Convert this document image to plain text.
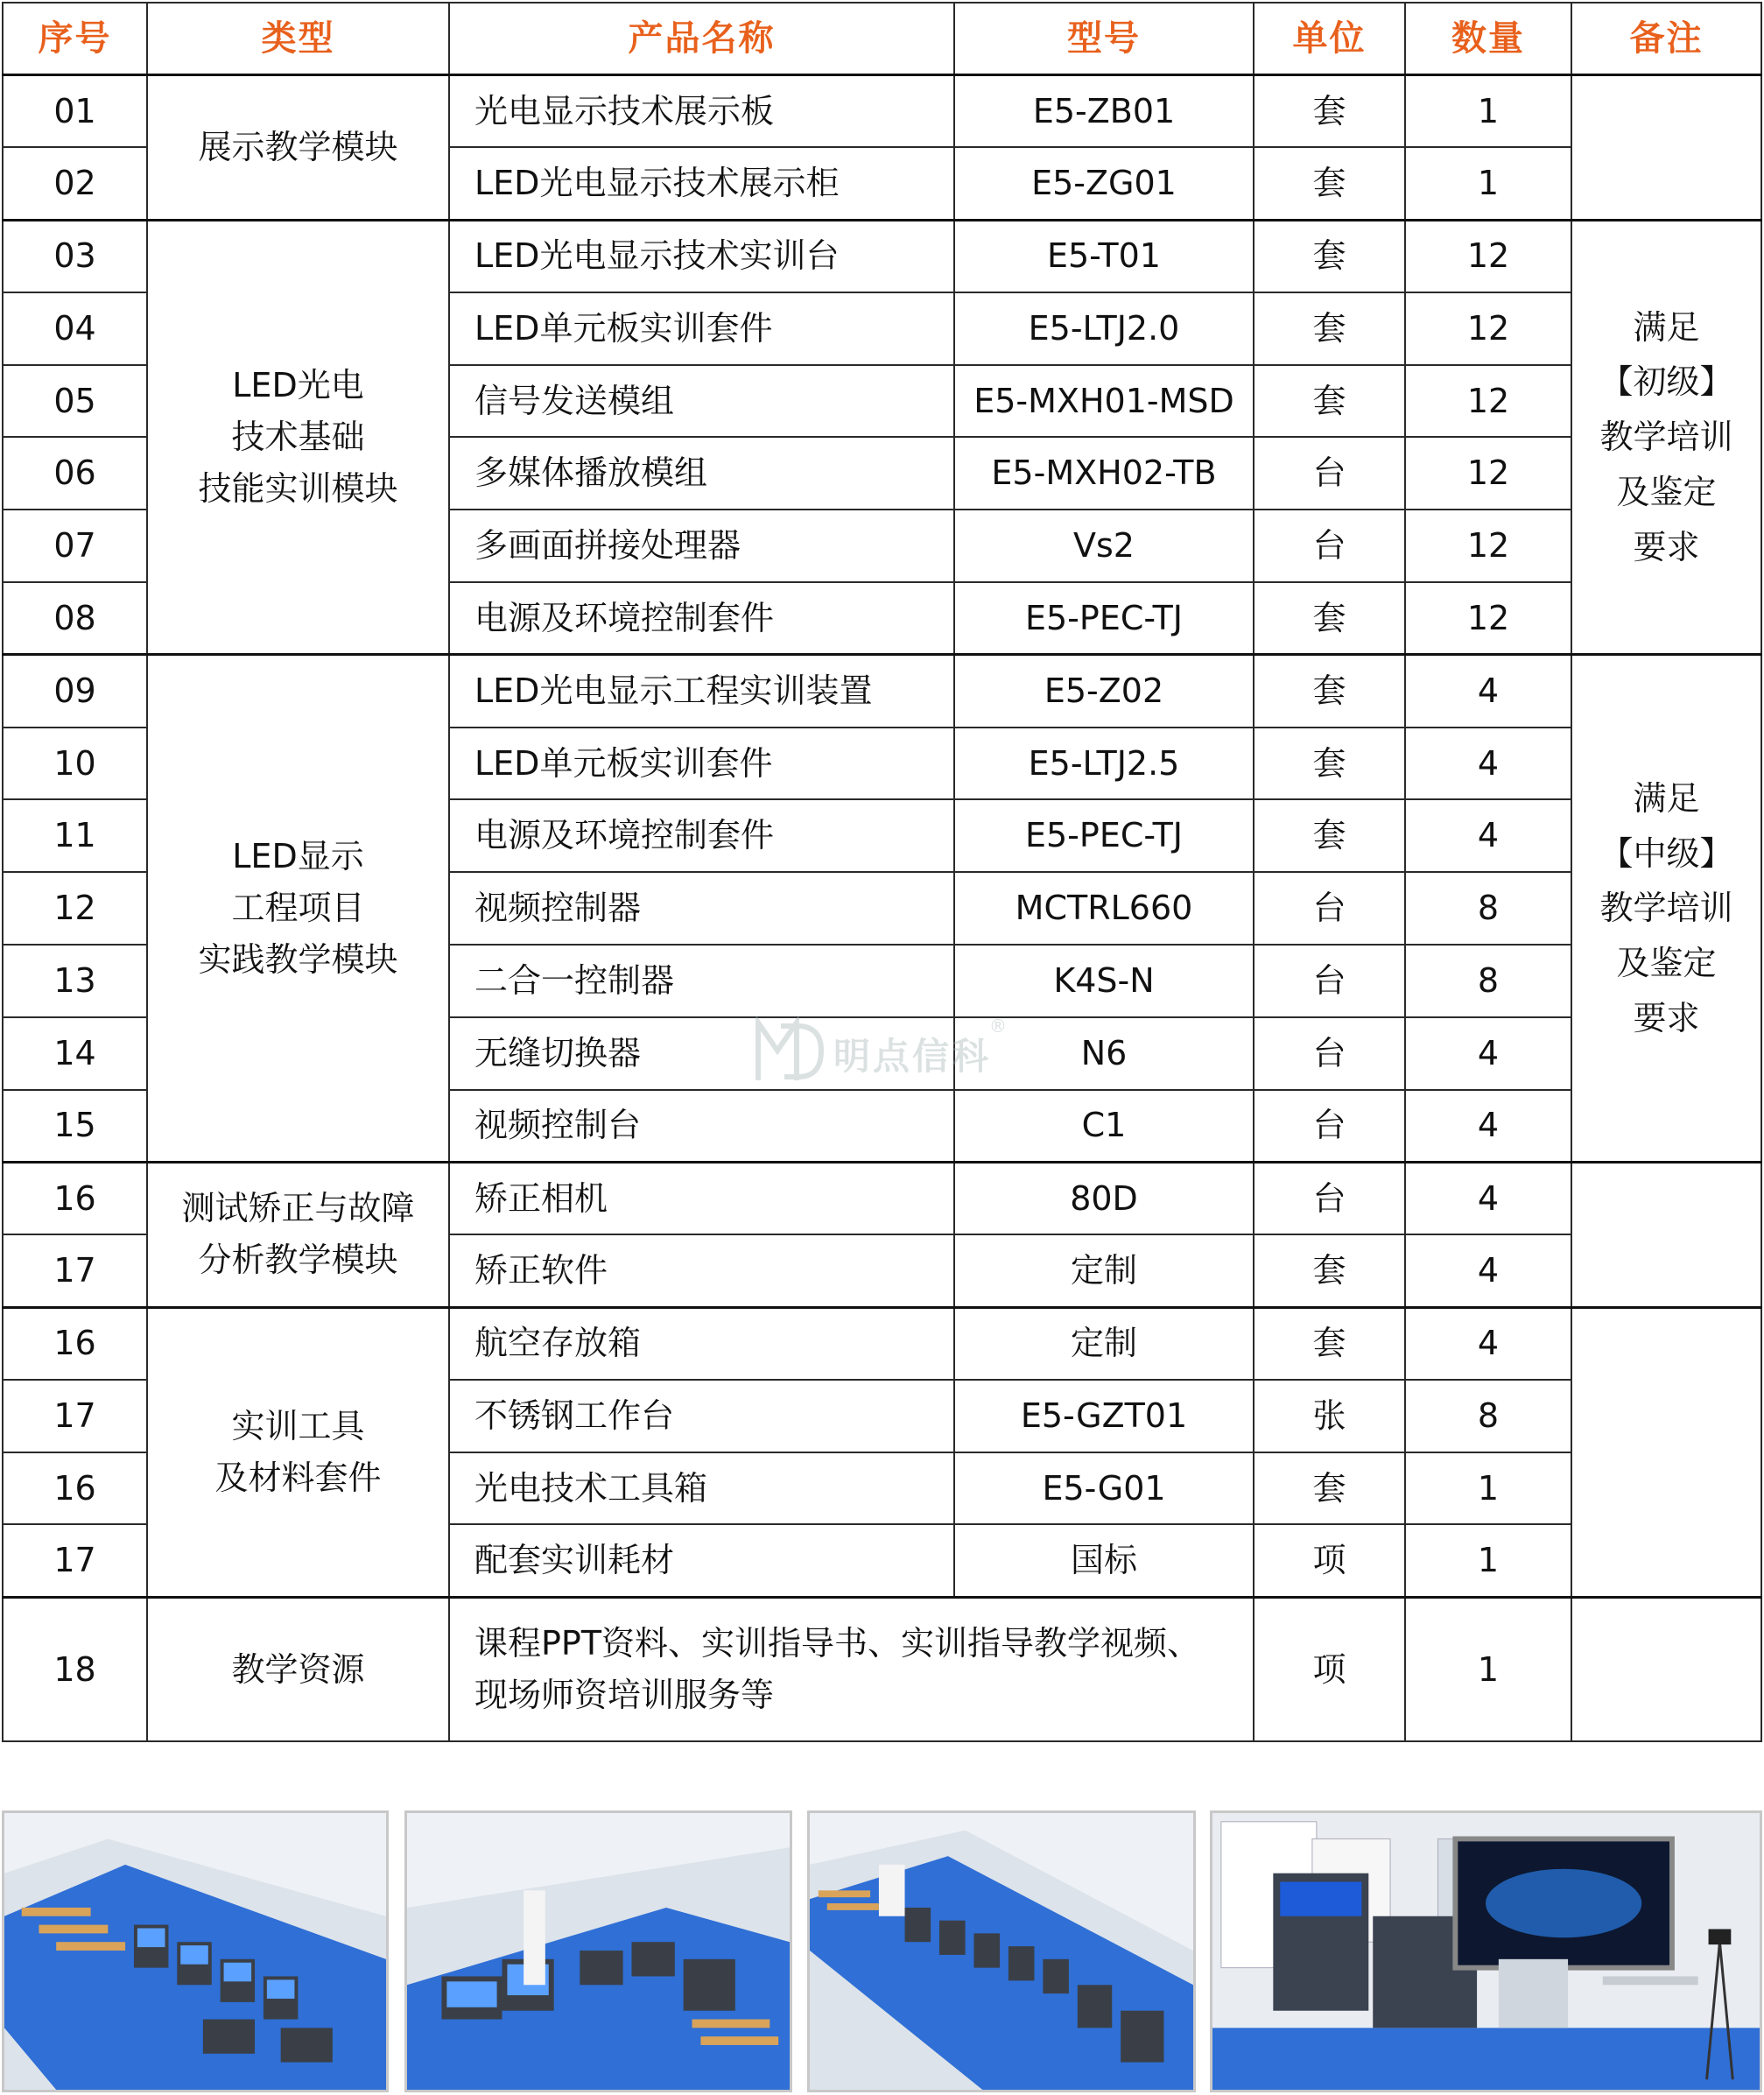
序号	类型	产品名称	型号	单位	数量	备注
01	展示教学模块	光电显示技术展示板	E5-ZB01	套	1	
02		LED光电显示技术展示柜	E5-ZG01	套	1	
03	LED光电
技术基础
技能实训模块	LED光电显示技术实训台	E5-T01	套	12	满足
【初级】
教学培训
及鉴定
要求
04		LED单元板实训套件	E5-LTJ2.0	套	12	
05		信号发送模组	E5-MXH01-MSD	套	12	
06		多媒体播放模组	E5-MXH02-TB	台	12	
07		多画面拼接处理器	Vs2	台	12	
08		电源及环境控制套件	E5-PEC-TJ	套	12	
09	LED显示
工程项目
实践教学模块	LED光电显示工程实训装置	E5-Z02	套	4	满足
【中级】
教学培训
及鉴定
要求
10		LED单元板实训套件	E5-LTJ2.5	套	4	
11		电源及环境控制套件	E5-PEC-TJ	套	4	
12		视频控制器	MCTRL660	台	8	
13		二合一控制器	K4S-N	台	8	
14		无缝切换器	N6	台	4	
15		视频控制台	C1	台	4	
16	测试矫正与故障
分析教学模块	矫正相机	80D	台	4	
17		矫正软件	定制	套	4	
16	实训工具
及材料套件	航空存放箱	定制	套	4	
17		不锈钢工作台	E5-GZT01	张	8	
16		光电技术工具箱	E5-G01	套	1	
17		配套实训耗材	国标	项	1	
18	教学资源	课程PPT资料、实训指导书、实训指导教学视频、现场师资培训服务等		项	1	
明点信科
®
